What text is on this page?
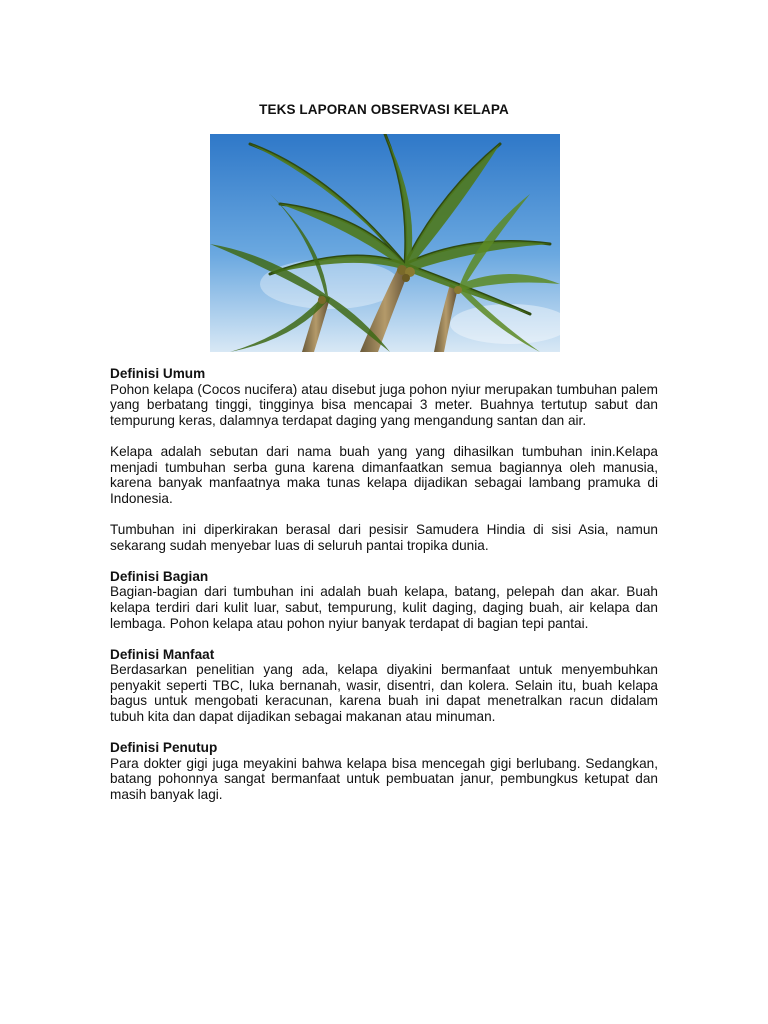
TEKS LAPORAN OBSERVASI KELAPA
Definisi Umum

Pohon kelapa (Cocos nucifera) atau disebut juga pohon nyiur merupakan tumbuhan palem yang berbatang tinggi, tingginya bisa mencapai 3 meter. Buahnya tertutup sabut dan tempurung keras, dalamnya terdapat daging yang mengandung santan dan air.

Kelapa adalah sebutan dari nama buah yang yang dihasilkan tumbuhan inin.Kelapa menjadi tumbuhan serba guna karena dimanfaatkan semua bagiannya oleh manusia, karena banyak manfaatnya maka tunas kelapa dijadikan sebagai lambang pramuka di Indonesia.

Tumbuhan ini diperkirakan berasal dari pesisir Samudera Hindia di sisi Asia, namun sekarang sudah menyebar luas di seluruh pantai tropika dunia.

Definisi Bagian

Bagian-bagian dari tumbuhan ini adalah buah kelapa, batang, pelepah dan akar. Buah kelapa terdiri dari kulit luar, sabut, tempurung, kulit daging, daging buah, air kelapa dan lembaga. Pohon kelapa atau pohon nyiur banyak terdapat di bagian tepi pantai.

Definisi Manfaat

Berdasarkan penelitian yang ada, kelapa diyakini bermanfaat untuk menyembuhkan penyakit seperti TBC, luka bernanah, wasir, disentri, dan kolera. Selain itu, buah kelapa bagus untuk mengobati keracunan, karena buah ini dapat menetralkan racun didalam tubuh kita dan dapat dijadikan sebagai makanan atau minuman.

Definisi Penutup

Para dokter gigi juga meyakini bahwa kelapa bisa mencegah gigi berlubang. Sedangkan, batang pohonnya sangat bermanfaat untuk pembuatan janur, pembungkus ketupat dan masih banyak lagi.
